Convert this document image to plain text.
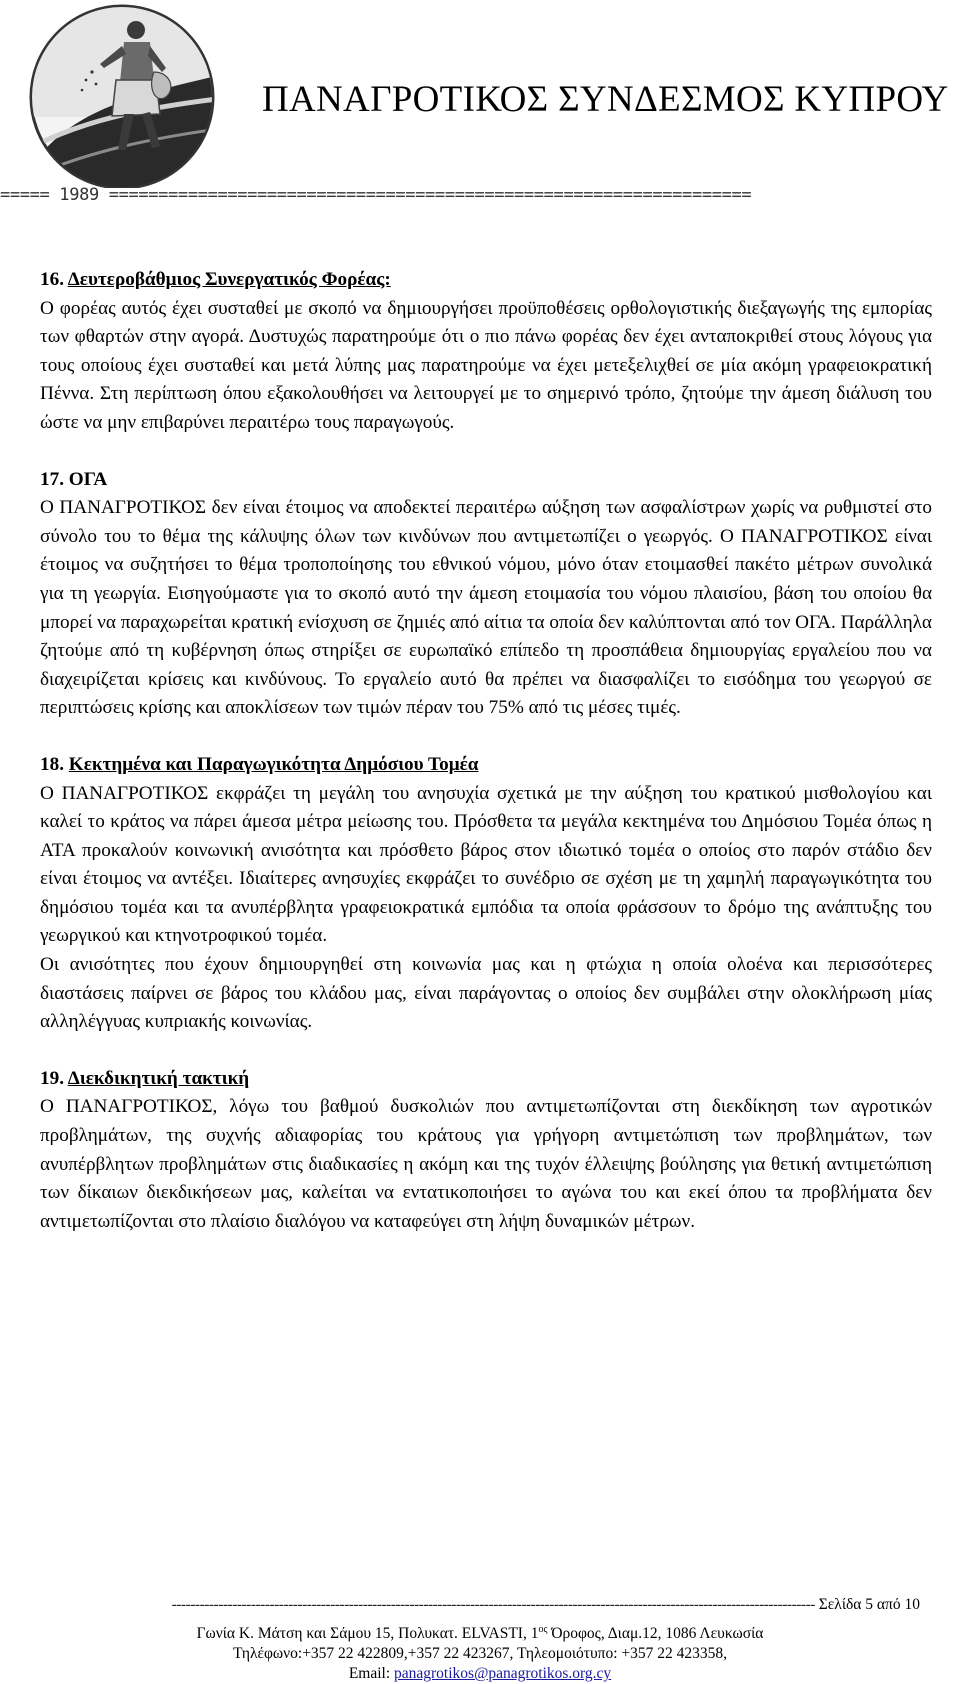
ΠΑΝΑΓΡΟΤΙΚΟΣ ΣΥΝΔΕΣΜΟΣ ΚΥΠΡΟΥ
===== 1989 =================================================================
16. Δευτεροβάθμιος Συνεργατικός Φορέας:
Ο φορέας αυτός έχει συσταθεί με σκοπό να δημιουργήσει προϋποθέσεις ορθολογιστικής διεξαγωγής της εμπορίας των φθαρτών στην αγορά. Δυστυχώς παρατηρούμε ότι ο πιο πάνω φορέας δεν έχει ανταποκριθεί στους λόγους για τους οποίους έχει συσταθεί και μετά λύπης μας παρατηρούμε να έχει μετεξελιχθεί σε μία ακόμη γραφειοκρατική Πέννα. Στη περίπτωση όπου εξακολουθήσει να λειτουργεί με το σημερινό τρόπο, ζητούμε την άμεση διάλυση του ώστε να μην επιβαρύνει περαιτέρω τους παραγωγούς.
17. ΟΓΑ
Ο ΠΑΝΑΓΡΟΤΙΚΟΣ δεν είναι έτοιμος να αποδεκτεί περαιτέρω αύξηση των ασφαλίστρων χωρίς να ρυθμιστεί στο σύνολο του το θέμα της κάλυψης όλων των κινδύνων που αντιμετωπίζει ο γεωργός. Ο ΠΑΝΑΓΡΟΤΙΚΟΣ είναι έτοιμος να συζητήσει το θέμα τροποποίησης του εθνικού νόμου, μόνο όταν ετοιμασθεί πακέτο μέτρων συνολικά για τη γεωργία. Εισηγούμαστε για το σκοπό αυτό την άμεση ετοιμασία του νόμου πλαισίου, βάση του οποίου θα μπορεί να παραχωρείται κρατική ενίσχυση σε ζημιές από αίτια τα οποία δεν καλύπτονται από τον ΟΓΑ. Παράλληλα ζητούμε από τη κυβέρνηση όπως στηρίξει σε ευρωπαϊκό επίπεδο τη προσπάθεια δημιουργίας εργαλείου που να διαχειρίζεται κρίσεις και κινδύνους. Το εργαλείο αυτό θα πρέπει να διασφαλίζει το εισόδημα του γεωργού σε περιπτώσεις κρίσης και αποκλίσεων των τιμών πέραν του 75% από τις μέσες τιμές.
18. Κεκτημένα και Παραγωγικότητα Δημόσιου Τομέα
Ο ΠΑΝΑΓΡΟΤΙΚΟΣ εκφράζει τη μεγάλη του ανησυχία σχετικά με την αύξηση του κρατικού μισθολογίου και καλεί το κράτος να πάρει άμεσα μέτρα μείωσης του. Πρόσθετα τα μεγάλα κεκτημένα του Δημόσιου Τομέα όπως η ΑΤΑ προκαλούν κοινωνική ανισότητα και πρόσθετο βάρος στον ιδιωτικό τομέα ο οποίος στο παρόν στάδιο δεν είναι έτοιμος να αντέξει. Ιδιαίτερες ανησυχίες εκφράζει το συνέδριο σε σχέση με τη χαμηλή παραγωγικότητα του δημόσιου τομέα και τα ανυπέρβλητα γραφειοκρατικά εμπόδια τα οποία φράσσουν το δρόμο της ανάπτυξης του γεωργικού και κτηνοτροφικού τομέα.
Οι ανισότητες που έχουν δημιουργηθεί στη κοινωνία μας και η φτώχια η οποία ολοένα και περισσότερες διαστάσεις παίρνει σε βάρος του κλάδου μας, είναι παράγοντας ο οποίος δεν συμβάλει στην ολοκλήρωση μίας αλληλέγγυας κυπριακής κοινωνίας.
19. Διεκδικητική τακτική
Ο ΠΑΝΑΓΡΟΤΙΚΟΣ, λόγω του βαθμού δυσκολιών που αντιμετωπίζονται στη διεκδίκηση των αγροτικών προβλημάτων, της συχνής αδιαφορίας του κράτους για γρήγορη αντιμετώπιση των προβλημάτων, των ανυπέρβλητων προβλημάτων στις διαδικασίες η ακόμη και της τυχόν έλλειψης βούλησης για θετική αντιμετώπιση των δίκαιων διεκδικήσεων μας, καλείται να εντατικοποιήσει το αγώνα του και εκεί όπου τα προβλήματα δεν αντιμετωπίζονται στο πλαίσιο διαλόγου να καταφεύγει στη λήψη δυναμικών μέτρων.
------------------------------------------------------------------------------------------------------------------------------------------ Σελίδα 5 από 10
Γωνία Κ. Μάτση και Σάμου 15, Πολυκατ. ELVASTI, $1^{o\varsigma}$ Όροφος, Διαμ.12, 1086 Λευκωσία
Τηλέφωνο:+357 22 422809,+357 22 423267, Τηλεομοιότυπο: +357 22 423358,
Email: panagrotikos@panagrotikos.org.cy
